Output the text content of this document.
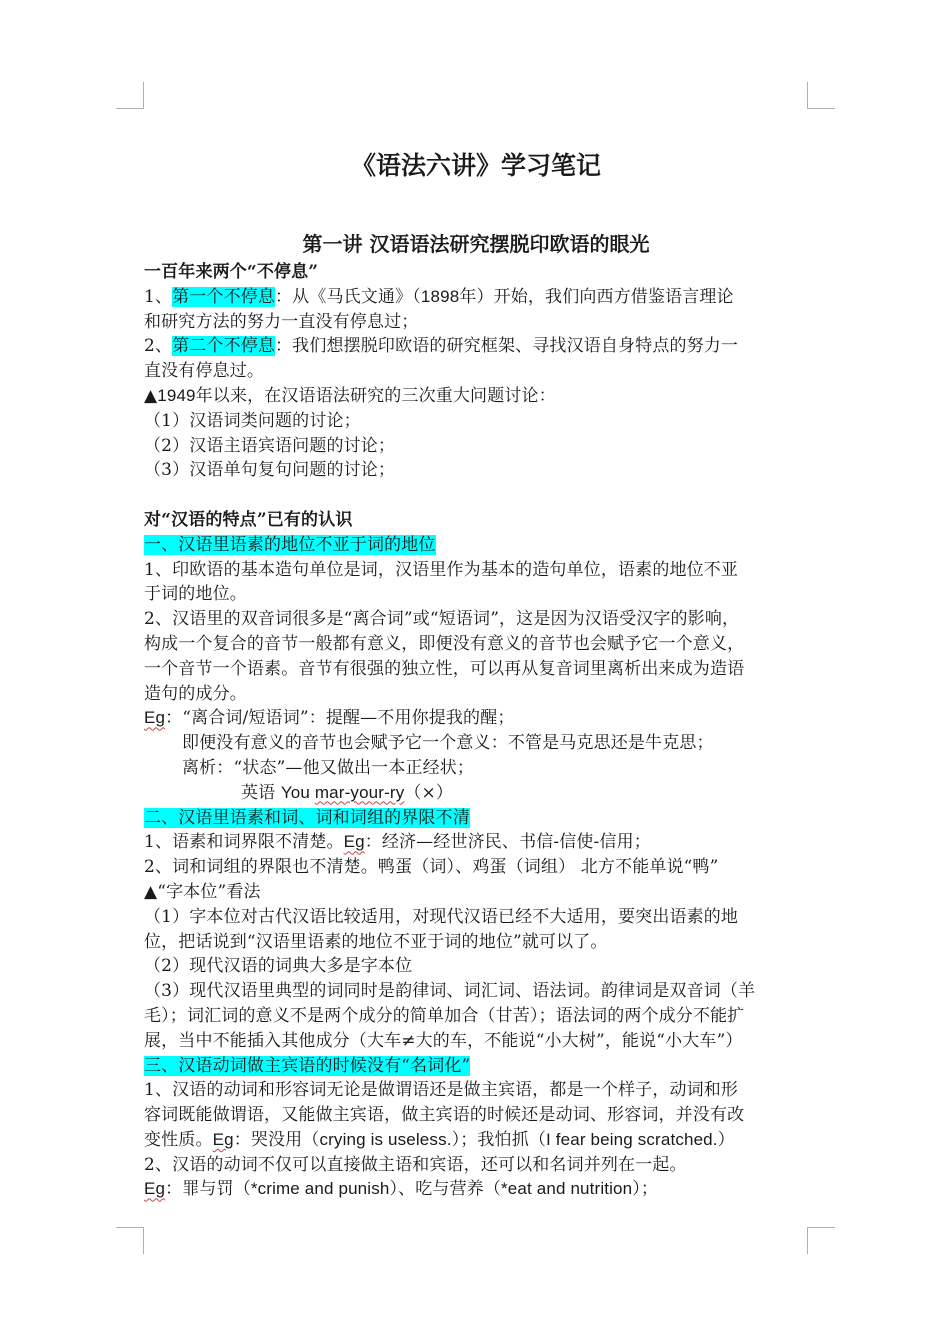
《语法六讲》学习笔记
第一讲 汉语语法研究摆脱印欧语的眼光
一百年来两个“不停息”
1、第一个不停息：从《马氏文通》（1898年）开始，我们向西方借鉴语言理论
和研究方法的努力一直没有停息过；
2、第二个不停息：我们想摆脱印欧语的研究框架、寻找汉语自身特点的努力一
直没有停息过。
▲1949年以来，在汉语语法研究的三次重大问题讨论：
（1）汉语词类问题的讨论；
（2）汉语主语宾语问题的讨论；
（3）汉语单句复句问题的讨论；
对“汉语的特点”已有的认识
一、汉语里语素的地位不亚于词的地位
1、印欧语的基本造句单位是词，汉语里作为基本的造句单位，语素的地位不亚
于词的地位。
2、汉语里的双音词很多是“离合词”或“短语词”，这是因为汉语受汉字的影响，
构成一个复合的音节一般都有意义，即便没有意义的音节也会赋予它一个意义，
一个音节一个语素。音节有很强的独立性，可以再从复音词里离析出来成为造语
造句的成分。
Eg：“离合词/短语词”：提醒—不用你提我的醒；
即便没有意义的音节也会赋予它一个意义：不管是马克思还是牛克思；
离析：“状态”—他又做出一本正经状；
英语 You mar-your-ry（×）
二、汉语里语素和词、词和词组的界限不清
1、语素和词界限不清楚。Eg：经济—经世济民、书信-信使-信用；
2、词和词组的界限也不清楚。鸭蛋（词）、鸡蛋（词组） 北方不能单说“鸭”
▲“字本位”看法
（1）字本位对古代汉语比较适用，对现代汉语已经不大适用，要突出语素的地
位，把话说到“汉语里语素的地位不亚于词的地位”就可以了。
（2）现代汉语的词典大多是字本位
（3）现代汉语里典型的词同时是韵律词、词汇词、语法词。韵律词是双音词（羊
毛）；词汇词的意义不是两个成分的简单加合（甘苦）；语法词的两个成分不能扩
展，当中不能插入其他成分（大车≠大的车，不能说“小大树”，能说“小大车”）
三、汉语动词做主宾语的时候没有“名词化”
1、汉语的动词和形容词无论是做谓语还是做主宾语，都是一个样子，动词和形
容词既能做谓语，又能做主宾语，做主宾语的时候还是动词、形容词，并没有改
变性质。Eg：哭没用（crying is useless.）；我怕抓（I fear being scratched.）
2、汉语的动词不仅可以直接做主语和宾语，还可以和名词并列在一起。
Eg：罪与罚（*crime and punish）、吃与营养（*eat and nutrition）；
